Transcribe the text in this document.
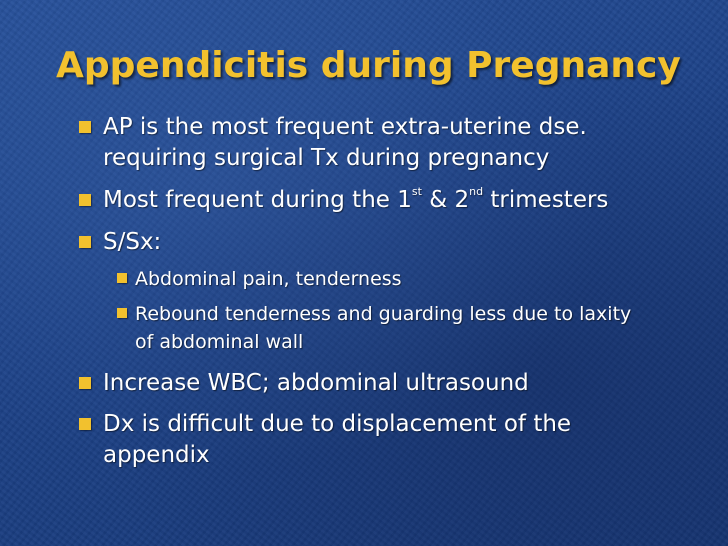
Appendicitis during Pregnancy
AP is the most frequent extra-uterine dse. requiring surgical Tx during pregnancy
Most frequent during the 1st & 2nd trimesters
S/Sx:
Abdominal pain, tenderness
Rebound tenderness and guarding less due to laxity of abdominal wall
Increase WBC; abdominal ultrasound
Dx is difficult due to displacement of the appendix
